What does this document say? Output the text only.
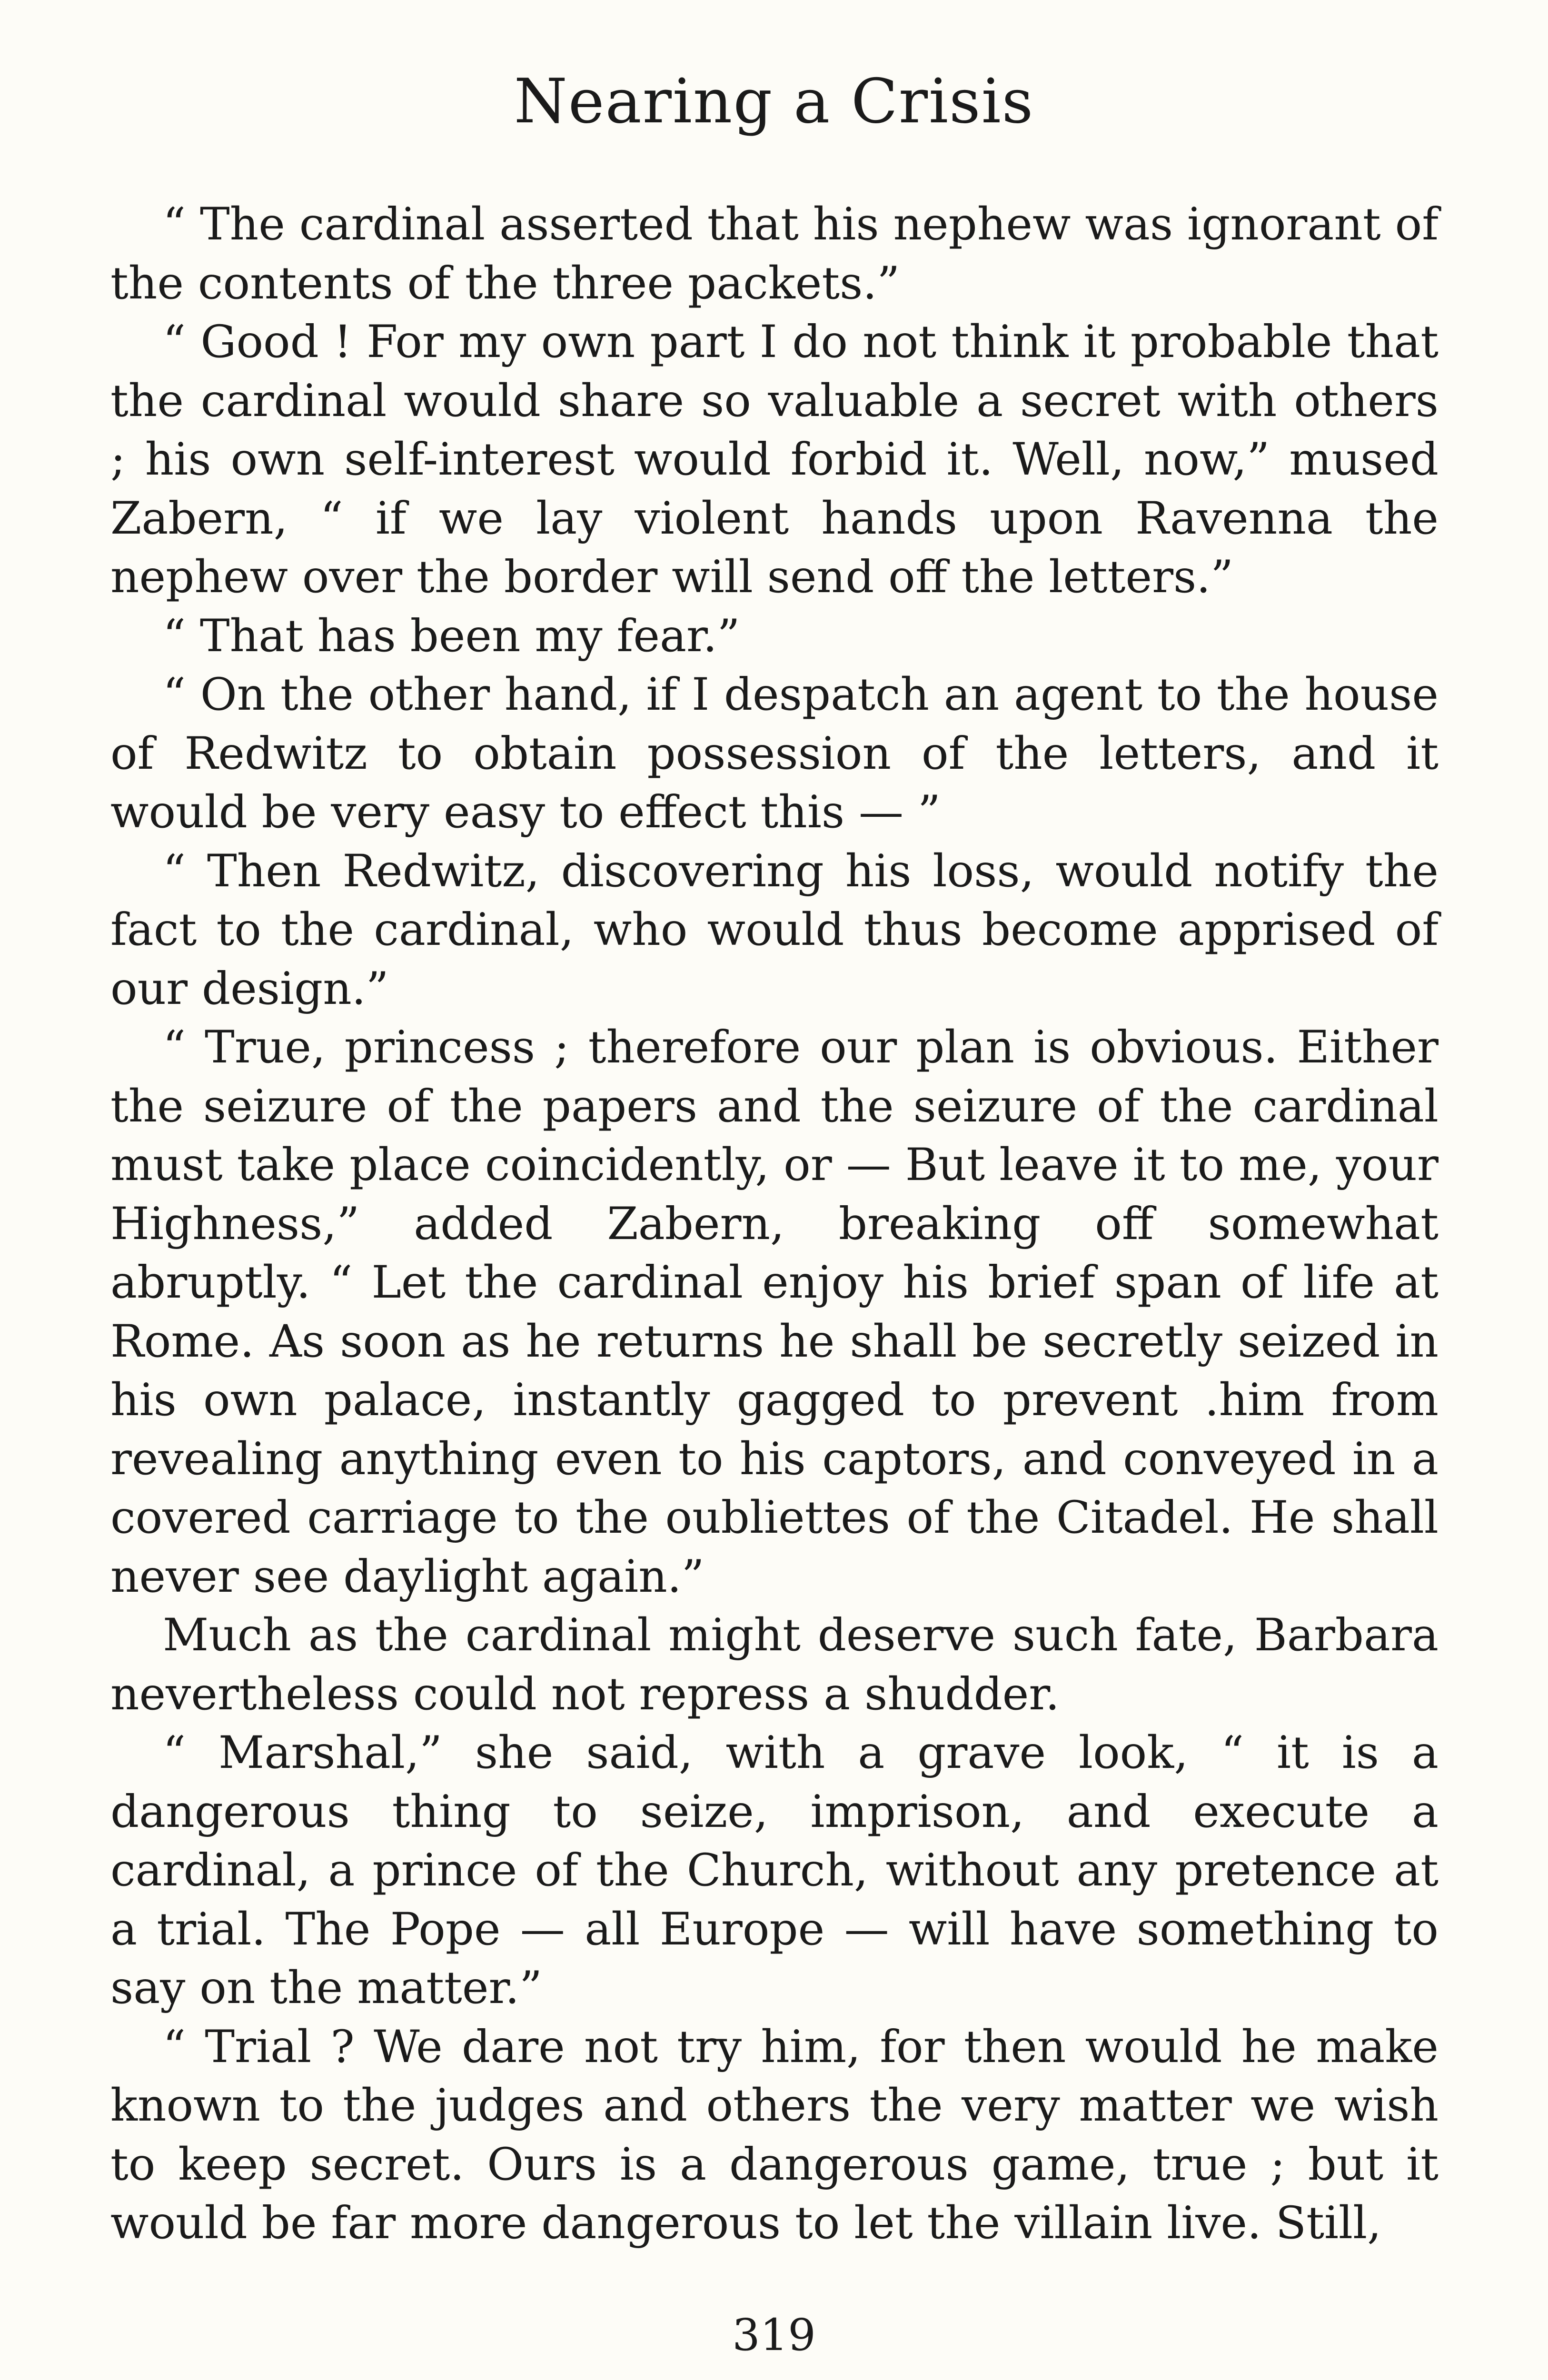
Nearing a Crisis

“ The cardinal asserted that his nephew was ignorant of the contents of the three packets.”

“ Good ! For my own part I do not think it probable that the cardinal would share so valuable a secret with others ; his own self-interest would forbid it. Well, now,” mused Zabern, “ if we lay violent hands upon Ravenna the nephew over the border will send off the letters.”

“ That has been my fear.”

“ On the other hand, if I despatch an agent to the house of Redwitz to obtain possession of the letters, and it would be very easy to effect this — ”

“ Then Redwitz, discovering his loss, would notify the fact to the cardinal, who would thus become apprised of our design.”

“ True, princess ; therefore our plan is obvious. Either the seizure of the papers and the seizure of the cardinal must take place coincidently, or — But leave it to me, your Highness,” added Zabern, breaking off somewhat abruptly. “ Let the cardinal enjoy his brief span of life at Rome. As soon as he returns he shall be secretly seized in his own palace, instantly gagged to prevent .him from revealing anything even to his captors, and conveyed in a covered carriage to the oubliettes of the Citadel. He shall never see daylight again.”

Much as the cardinal might deserve such fate, Barbara nevertheless could not repress a shudder.

“ Marshal,” she said, with a grave look, “ it is a dangerous thing to seize, imprison, and execute a cardinal, a prince of the Church, without any pretence at a trial. The Pope — all Europe — will have something to say on the matter.”

“ Trial ? We dare not try him, for then would he make known to the judges and others the very matter we wish to keep secret. Ours is a dangerous game, true ; but it would be far more dangerous to let the villain live. Still,

319
